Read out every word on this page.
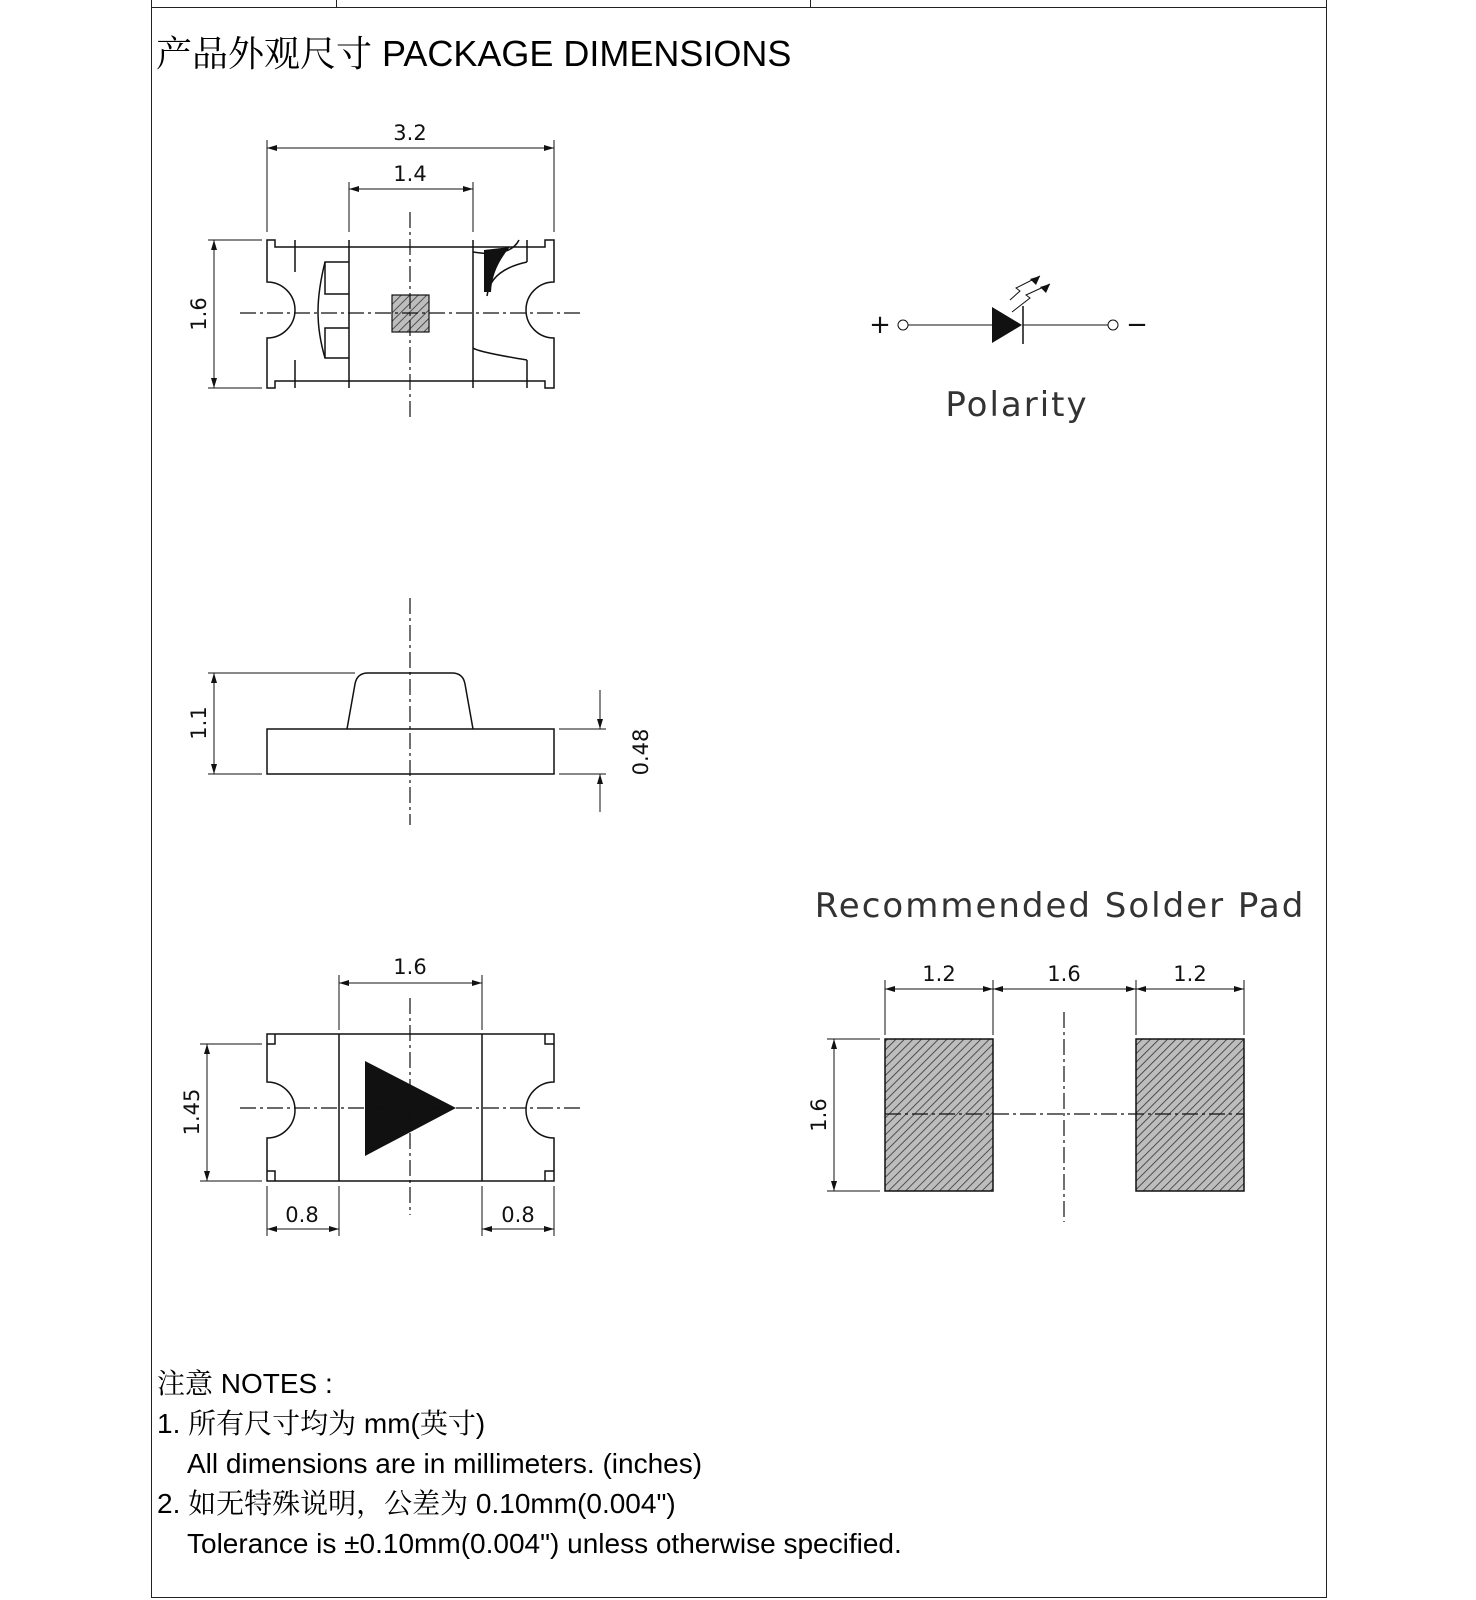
产品外观尺寸 PACKAGE DIMENSIONS
3.2
1.4
1.6	+	−
Polarity
1.1
0.48
1.6
1.45
0.8	0.8
Recommended Solder Pad
1.2	1.6	1.2
1.6
注意 NOTES :
1. 所有尺寸均为 mm(英寸)
All dimensions are in millimeters. (inches)
2. 如无特殊说明，公差为 0.10mm(0.004")
Tolerance is ±0.10mm(0.004") unless otherwise specified.
